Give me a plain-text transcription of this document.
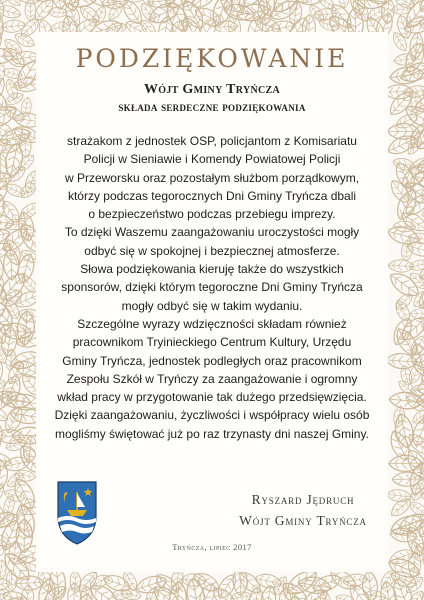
PODZIĘKOWANIE
Wójt Gminy Tryńcza
składa serdeczne podziękowania

strażakom z jednostek OSP, policjantom z Komisariatu

Policji w Sieniawie i Komendy Powiatowej Policji

w Przeworsku oraz pozostałym służbom porządkowym,

którzy podczas tegorocznych Dni Gminy Tryńcza dbali

o bezpieczeństwo podczas przebiegu imprezy.

To dzięki Waszemu zaangażowaniu uroczystości mogły

odbyć się w spokojnej i bezpiecznej atmosferze.

Słowa podziękowania kieruję także do wszystkich

sponsorów, dzięki którym tegoroczne Dni Gminy Tryńcza

mogły odbyć się w takim wydaniu.

Szczególne wyrazy wdzięczności składam również

pracownikom Tryinieckiego Centrum Kultury, Urzędu

Gminy Tryńcza, jednostek podległych oraz pracownikom

Zespołu Szkół w Tryńczy za zaangażowanie i ogromny

wkład pracy w przygotowanie tak dużego przedsięwzięcia.

Dzięki zaangażowaniu, życzliwości i współpracy wielu osób

mogliśmy świętować już po raz trzynasty dni naszej Gminy.

Ryszard Jędruch
Wójt Gminy Tryńcza
Tryńcza, lipiec 2017
